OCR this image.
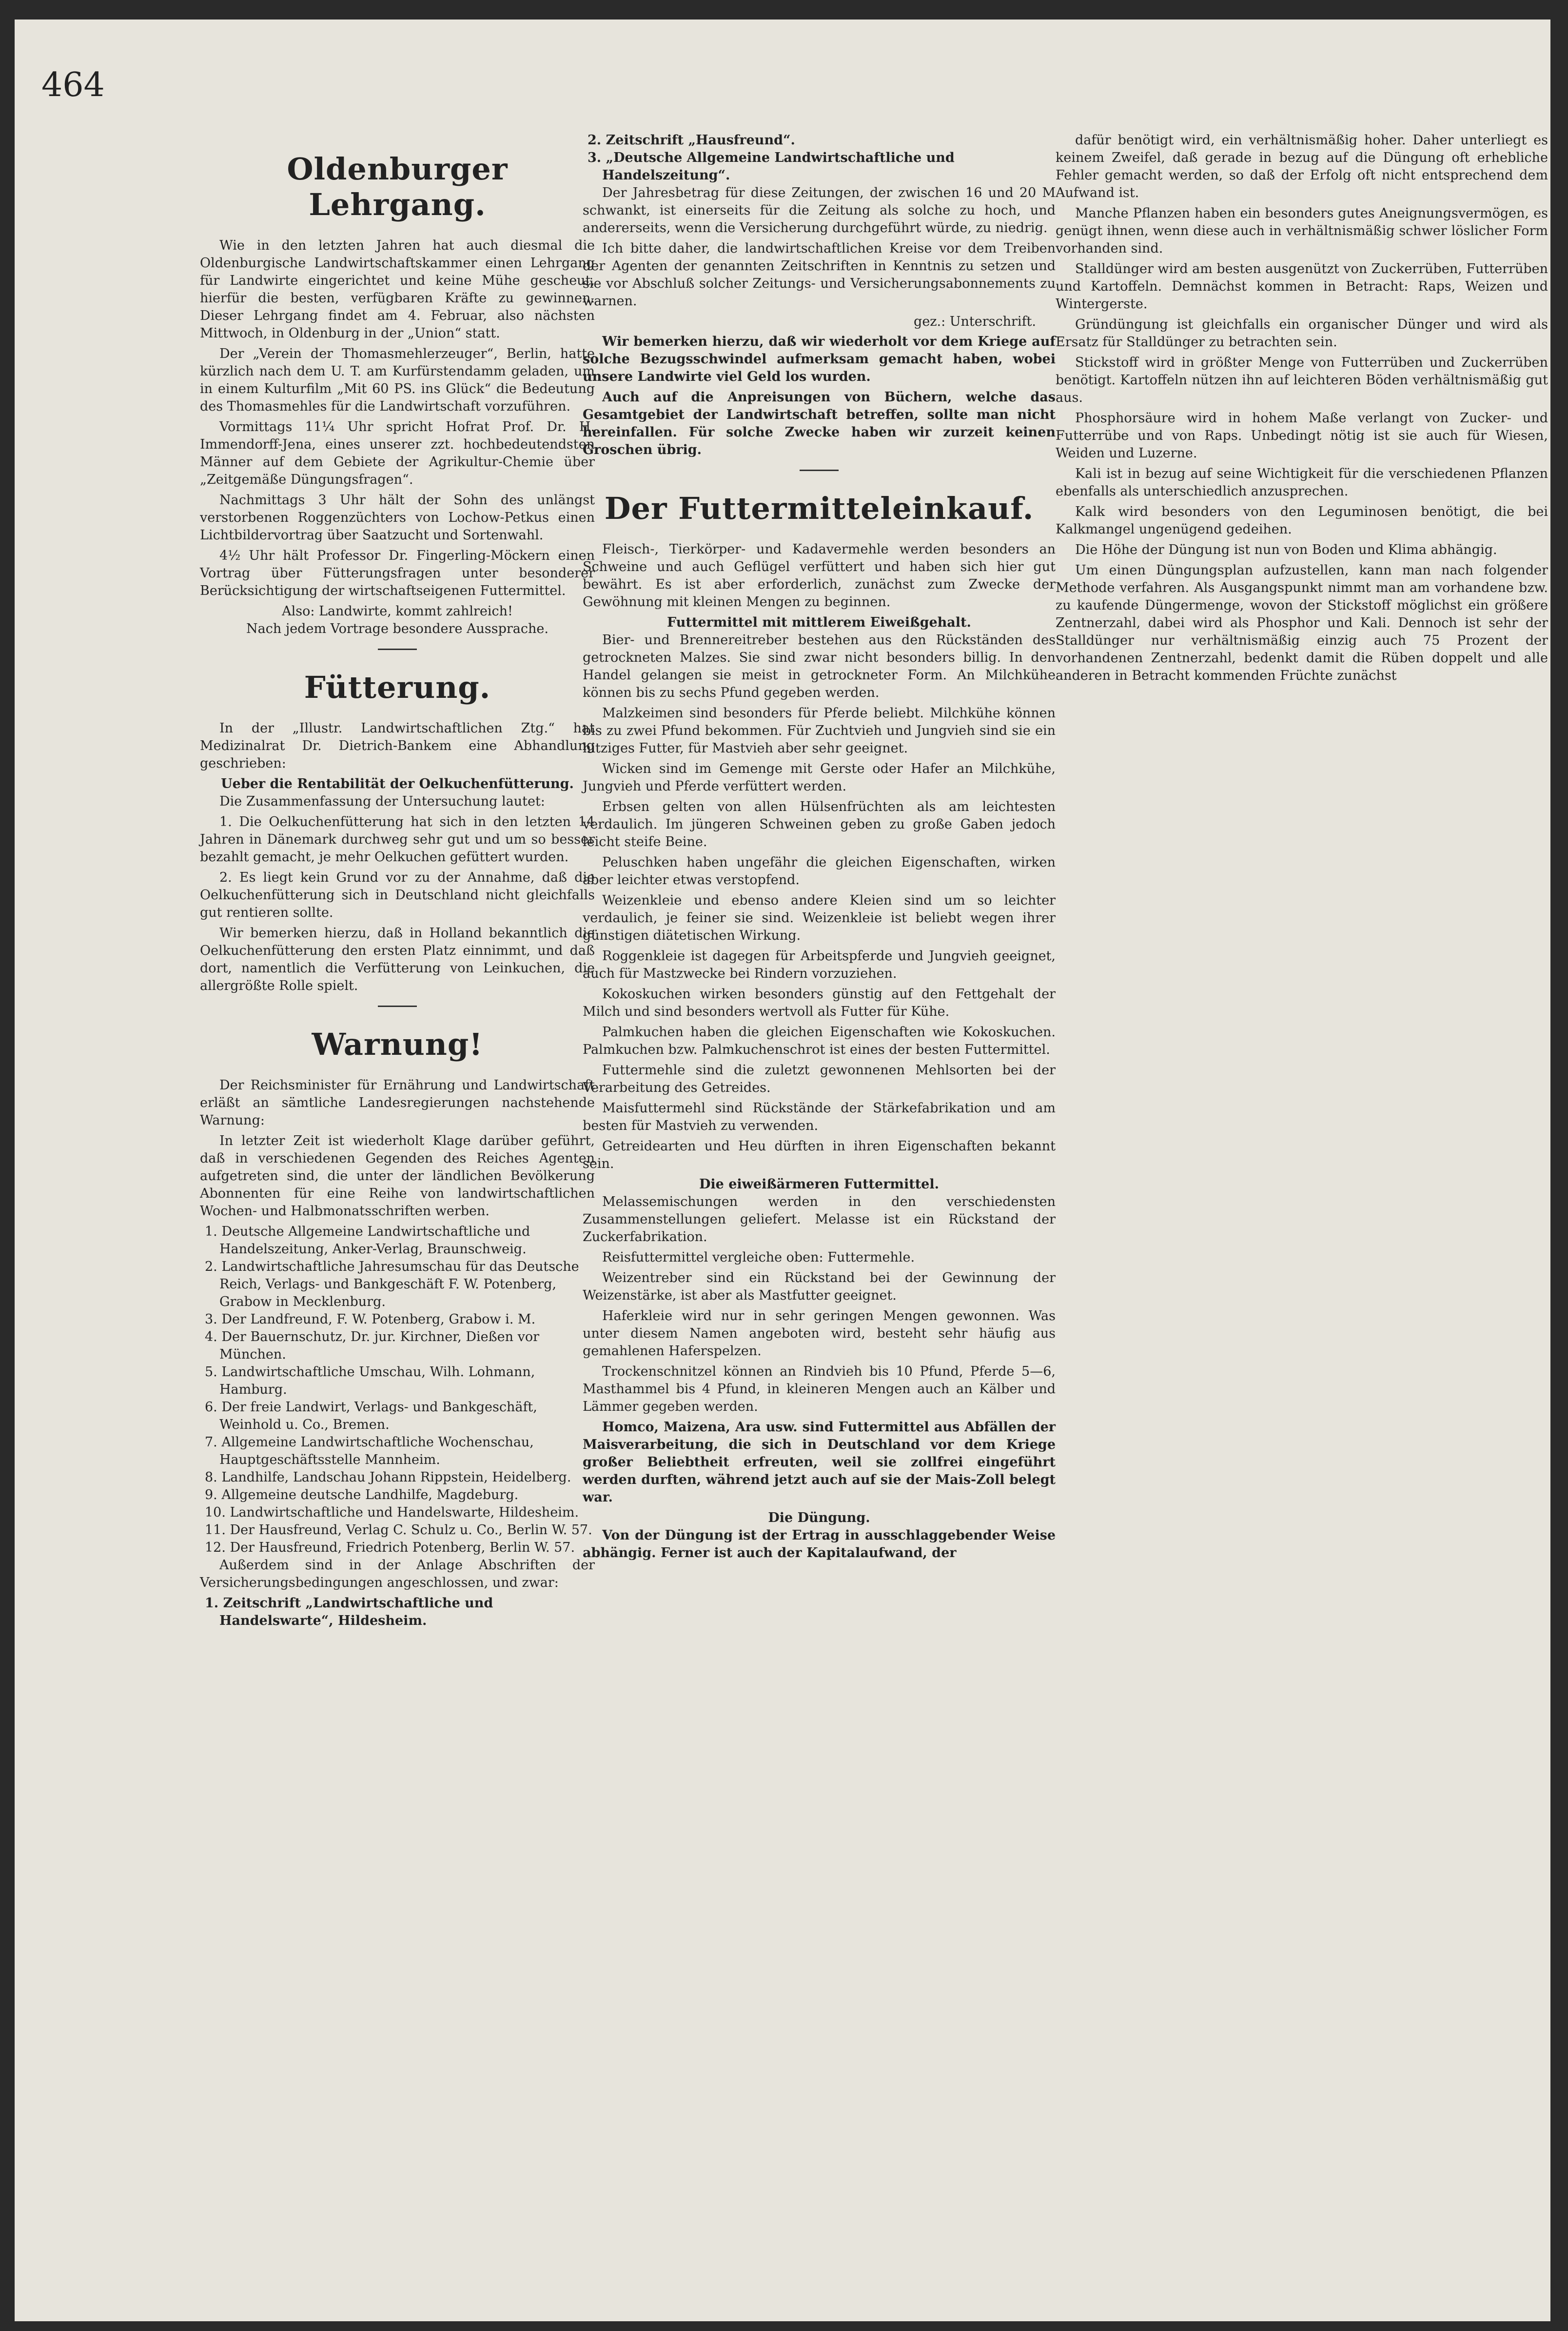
464
Oldenburger Lehrgang.

Wie in den letzten Jahren hat auch diesmal die Oldenburgische Landwirtschaftskammer einen Lehrgang für Landwirte eingerichtet und keine Mühe gescheut, hierfür die besten, verfügbaren Kräfte zu gewinnen. Dieser Lehrgang findet am 4. Februar, also nächsten Mittwoch, in Oldenburg in der „Union“ statt.

Der „Verein der Thomasmehlerzeuger“, Berlin, hatte kürzlich nach dem U. T. am Kurfürstendamm geladen, um in einem Kulturfilm „Mit 60 PS. ins Glück“ die Bedeutung des Thomasmehles für die Landwirtschaft vorzuführen.

Vormittags 11¼ Uhr spricht Hofrat Prof. Dr. H. Immendorff-Jena, eines unserer zzt. hochbedeutendsten Männer auf dem Gebiete der Agrikultur-Chemie über „Zeitgemäße Düngungsfragen“.

Nachmittags 3 Uhr hält der Sohn des unlängst verstorbenen Roggenzüchters von Lochow-Petkus einen Lichtbildervortrag über Saatzucht und Sortenwahl.

4½ Uhr hält Professor Dr. Fingerling-Möckern einen Vortrag über Fütterungsfragen unter besonderer Berücksichtigung der wirtschaftseigenen Futtermittel.

Also: Landwirte, kommt zahlreich!

Nach jedem Vortrage besondere Aussprache.

Fütterung.

In der „Illustr. Landwirtschaftlichen Ztg.“ hat Medizinalrat Dr. Dietrich-Bankem eine Abhandlung geschrieben:

Ueber die Rentabilität der Oelkuchenfütterung.

Die Zusammenfassung der Untersuchung lautet:

1. Die Oelkuchenfütterung hat sich in den letzten 14 Jahren in Dänemark durchweg sehr gut und um so besser bezahlt gemacht, je mehr Oelkuchen gefüttert wurden.

2. Es liegt kein Grund vor zu der Annahme, daß die Oelkuchenfütterung sich in Deutschland nicht gleichfalls gut rentieren sollte.

Wir bemerken hierzu, daß in Holland bekanntlich die Oelkuchenfütterung den ersten Platz einnimmt, und daß dort, namentlich die Verfütterung von Leinkuchen, die allergrößte Rolle spielt.

Warnung!

Der Reichsminister für Ernährung und Landwirtschaft erläßt an sämtliche Landesregierungen nachstehende Warnung:

In letzter Zeit ist wiederholt Klage darüber geführt, daß in verschiedenen Gegenden des Reiches Agenten aufgetreten sind, die unter der ländlichen Bevölkerung Abonnenten für eine Reihe von landwirtschaftlichen Wochen- und Halbmonatsschriften werben.

1. Deutsche Allgemeine Landwirtschaftliche und Handelszeitung, Anker-Verlag, Braunschweig.

2. Landwirtschaftliche Jahresumschau für das Deutsche Reich, Verlags- und Bankgeschäft F. W. Potenberg, Grabow in Mecklenburg.

3. Der Landfreund, F. W. Potenberg, Grabow i. M.

4. Der Bauernschutz, Dr. jur. Kirchner, Dießen vor München.

5. Landwirtschaftliche Umschau, Wilh. Lohmann, Hamburg.

6. Der freie Landwirt, Verlags- und Bankgeschäft, Weinhold u. Co., Bremen.

7. Allgemeine Landwirtschaftliche Wochenschau, Hauptgeschäftsstelle Mannheim.

8. Landhilfe, Landschau Johann Rippstein, Heidelberg.

9. Allgemeine deutsche Landhilfe, Magdeburg.

10. Landwirtschaftliche und Handelswarte, Hildesheim.

11. Der Hausfreund, Verlag C. Schulz u. Co., Berlin W. 57.

12. Der Hausfreund, Friedrich Potenberg, Berlin W. 57.

Außerdem sind in der Anlage Abschriften der Versicherungsbedingungen angeschlossen, und zwar:

1. Zeitschrift „Landwirtschaftliche und Handelswarte“, Hildesheim.

2. Zeitschrift „Hausfreund“.

3. „Deutsche Allgemeine Landwirtschaftliche und Handelszeitung“.

Der Jahresbetrag für diese Zeitungen, der zwischen 16 und 20 M schwankt, ist einerseits für die Zeitung als solche zu hoch, und andererseits, wenn die Versicherung durchgeführt würde, zu niedrig.

Ich bitte daher, die landwirtschaftlichen Kreise vor dem Treiben der Agenten der genannten Zeitschriften in Kenntnis zu setzen und sie vor Abschluß solcher Zeitungs- und Versicherungsabonnements zu warnen.

gez.: Unterschrift.

Wir bemerken hierzu, daß wir wiederholt vor dem Kriege auf solche Bezugsschwindel aufmerksam gemacht haben, wobei unsere Landwirte viel Geld los wurden.

Auch auf die Anpreisungen von Büchern, welche das Gesamtgebiet der Landwirtschaft betreffen, sollte man nicht hereinfallen. Für solche Zwecke haben wir zurzeit keinen Groschen übrig.

Der Futtermitteleinkauf.

Fleisch-, Tierkörper- und Kadavermehle werden besonders an Schweine und auch Geflügel verfüttert und haben sich hier gut bewährt. Es ist aber erforderlich, zunächst zum Zwecke der Gewöhnung mit kleinen Mengen zu beginnen.

Futtermittel mit mittlerem Eiweißgehalt.

Bier- und Brennereitreber bestehen aus den Rückständen des getrockneten Malzes. Sie sind zwar nicht besonders billig. In den Handel gelangen sie meist in getrockneter Form. An Milchkühe können bis zu sechs Pfund gegeben werden.

Malzkeimen sind besonders für Pferde beliebt. Milchkühe können bis zu zwei Pfund bekommen. Für Zuchtvieh und Jungvieh sind sie ein hitziges Futter, für Mastvieh aber sehr geeignet.

Wicken sind im Gemenge mit Gerste oder Hafer an Milchkühe, Jungvieh und Pferde verfüttert werden.

Erbsen gelten von allen Hülsenfrüchten als am leichtesten verdaulich. Im jüngeren Schweinen geben zu große Gaben jedoch leicht steife Beine.

Peluschken haben ungefähr die gleichen Eigenschaften, wirken aber leichter etwas verstopfend.

Weizenkleie und ebenso andere Kleien sind um so leichter verdaulich, je feiner sie sind. Weizenkleie ist beliebt wegen ihrer günstigen diätetischen Wirkung.

Roggenkleie ist dagegen für Arbeitspferde und Jungvieh geeignet, auch für Mastzwecke bei Rindern vorzuziehen.

Kokoskuchen wirken besonders günstig auf den Fettgehalt der Milch und sind besonders wertvoll als Futter für Kühe.

Palmkuchen haben die gleichen Eigenschaften wie Kokoskuchen. Palmkuchen bzw. Palmkuchenschrot ist eines der besten Futtermittel.

Futtermehle sind die zuletzt gewonnenen Mehlsorten bei der Verarbeitung des Getreides.

Maisfuttermehl sind Rückstände der Stärkefabrikation und am besten für Mastvieh zu verwenden.

Getreidearten und Heu dürften in ihren Eigenschaften bekannt sein.

Die eiweißärmeren Futtermittel.

Melassemischungen werden in den verschiedensten Zusammenstellungen geliefert. Melasse ist ein Rückstand der Zuckerfabrikation.

Reisfuttermittel vergleiche oben: Futtermehle.

Weizentreber sind ein Rückstand bei der Gewinnung der Weizenstärke, ist aber als Mastfutter geeignet.

Haferkleie wird nur in sehr geringen Mengen gewonnen. Was unter diesem Namen angeboten wird, besteht sehr häufig aus gemahlenen Haferspelzen.

Trockenschnitzel können an Rindvieh bis 10 Pfund, Pferde 5—6, Masthammel bis 4 Pfund, in kleineren Mengen auch an Kälber und Lämmer gegeben werden.

Homco, Maizena, Ara usw. sind Futtermittel aus Abfällen der Maisverarbeitung, die sich in Deutschland vor dem Kriege großer Beliebtheit erfreuten, weil sie zollfrei eingeführt werden durften, während jetzt auch auf sie der Mais-Zoll belegt war.

Die Düngung.

Von der Düngung ist der Ertrag in ausschlaggebender Weise abhängig. Ferner ist auch der Kapitalaufwand, der

dafür benötigt wird, ein verhältnismäßig hoher. Daher unterliegt es keinem Zweifel, daß gerade in bezug auf die Düngung oft erhebliche Fehler gemacht werden, so daß der Erfolg oft nicht entsprechend dem Aufwand ist.

Manche Pflanzen haben ein besonders gutes Aneignungsvermögen, es genügt ihnen, wenn diese auch in verhältnismäßig schwer löslicher Form vorhanden sind.

Stalldünger wird am besten ausgenützt von Zuckerrüben, Futterrüben und Kartoffeln. Demnächst kommen in Betracht: Raps, Weizen und Wintergerste.

Gründüngung ist gleichfalls ein organischer Dünger und wird als Ersatz für Stalldünger zu betrachten sein.

Stickstoff wird in größter Menge von Futterrüben und Zuckerrüben benötigt. Kartoffeln nützen ihn auf leichteren Böden verhältnismäßig gut aus.

Phosphorsäure wird in hohem Maße verlangt von Zucker- und Futterrübe und von Raps. Unbedingt nötig ist sie auch für Wiesen, Weiden und Luzerne.

Kali ist in bezug auf seine Wichtigkeit für die verschiedenen Pflanzen ebenfalls als unterschiedlich anzusprechen.

Kalk wird besonders von den Leguminosen benötigt, die bei Kalkmangel ungenügend gedeihen.

Die Höhe der Düngung ist nun von Boden und Klima abhängig.

Um einen Düngungsplan aufzustellen, kann man nach folgender Methode verfahren. Als Ausgangspunkt nimmt man am vorhandene bzw. zu kaufende Düngermenge, wovon der Stickstoff möglichst ein größere Zentnerzahl, dabei wird als Phosphor und Kali. Dennoch ist sehr der Stalldünger nur verhältnismäßig einzig auch 75 Prozent der vorhandenen Zentnerzahl, bedenkt damit die Rüben doppelt und alle anderen in Betracht kommenden Früchte zunächst
